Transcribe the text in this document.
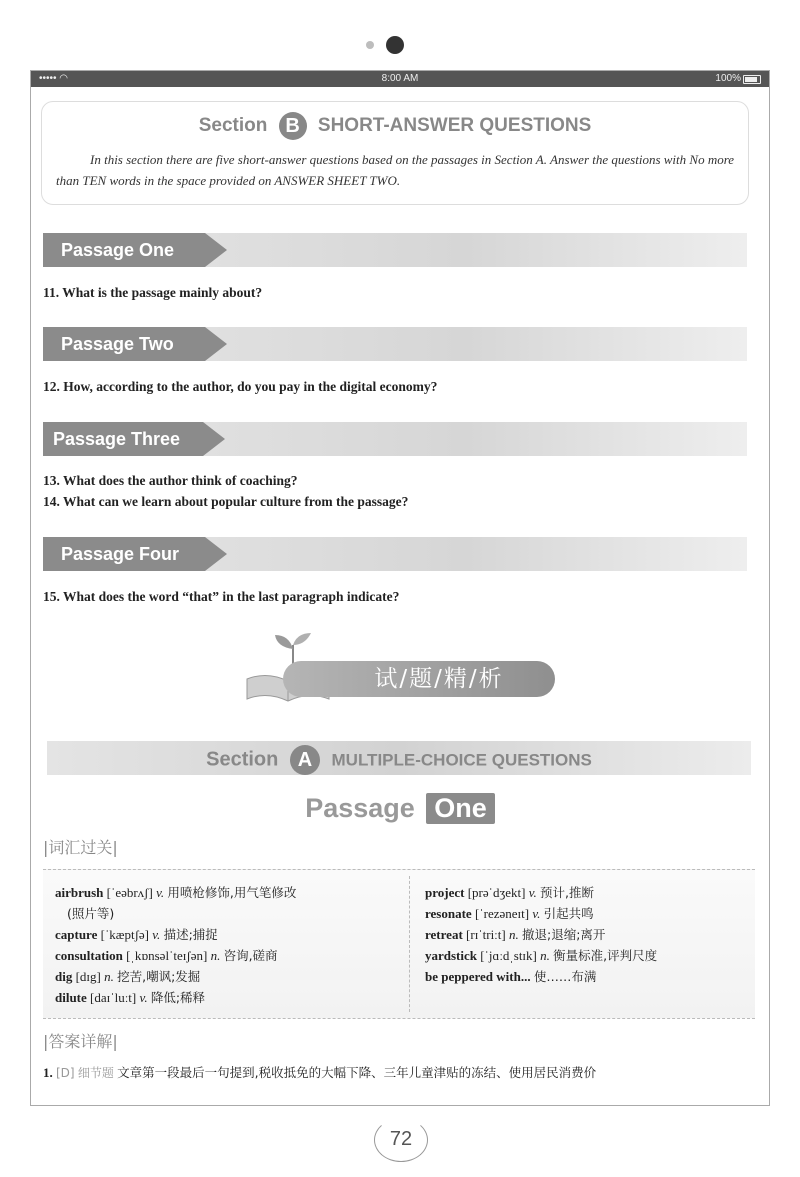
••••• ◠	8:00 AM	100%
Section B SHORT-ANSWER QUESTIONS
In this section there are five short-answer questions based on the passages in Section A. Answer the questions with No more than TEN words in the space provided on ANSWER SHEET TWO.
Passage One
11. What is the passage mainly about?
Passage Two
12. How, according to the author, do you pay in the digital economy?
Passage Three
13. What does the author think of coaching?
14. What can we learn about popular culture from the passage?
Passage Four
15. What does the word “that” in the last paragraph indicate?
试/题/精/析
Section A MULTIPLE-CHOICE QUESTIONS
Passage One
|词汇过关|
airbrush [ˈeəbrʌʃ] v. 用喷枪修饰,用气笔修改
(照片等)
capture [ˈkæptʃə] v. 描述;捕捉
consultation [ˌkɒnsəlˈteɪʃən] n. 咨询,磋商
dig [dɪg] n. 挖苦,嘲讽;发掘
dilute [daɪˈluːt] v. 降低;稀释
project [prəˈdʒekt] v. 预计,推断
resonate [ˈrezəneɪt] v. 引起共鸣
retreat [rɪˈtriːt] n. 撤退;退缩;离开
yardstick [ˈjɑːdˌstɪk] n. 衡量标准,评判尺度
be peppered with... 使……布满
|答案详解|
1. [D] 细节题 文章第一段最后一句提到,税收抵免的大幅下降、三年儿童津贴的冻结、使用居民消费价
72
